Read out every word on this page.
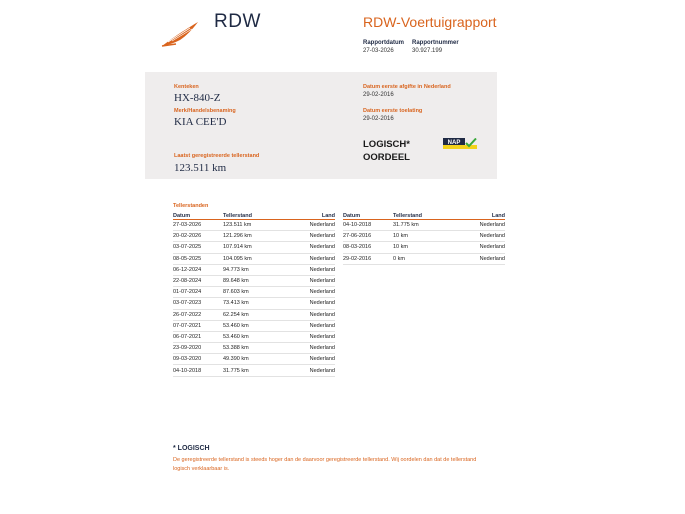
RDW	RDW-Voertuigrapport
Rapportdatum
27-03-2026
Rapportnummer
30.927.199
Kenteken
HX-840-Z
Merk/Handelsbenaming
KIA CEE'D
Laatst geregistreerde tellerstand
123.511 km
Datum eerste afgifte in Nederland
29-02-2016
Datum eerste toelating
29-02-2016
LOGISCH*
OORDEEL
NAP
Tellerstanden
Datum	Tellerstand	Land
27-03-2026	123.511 km	Nederland
20-02-2026	121.296 km	Nederland
03-07-2025	107.914 km	Nederland
08-05-2025	104.095 km	Nederland
06-12-2024	94.773 km	Nederland
22-08-2024	89.648 km	Nederland
01-07-2024	87.603 km	Nederland
03-07-2023	73.413 km	Nederland
26-07-2022	62.254 km	Nederland
07-07-2021	53.460 km	Nederland
06-07-2021	53.460 km	Nederland
23-09-2020	53.388 km	Nederland
09-03-2020	49.390 km	Nederland
04-10-2018	31.775 km	Nederland
Datum	Tellerstand	Land
04-10-2018	31.775 km	Nederland
27-06-2016	10 km	Nederland
08-03-2016	10 km	Nederland
29-02-2016	0 km	Nederland
* LOGISCH
De geregistreerde tellerstand is steeds hoger dan de daarvoor geregistreerde tellerstand. Wij oordelen dan dat de tellerstand logisch verklaarbaar is.
